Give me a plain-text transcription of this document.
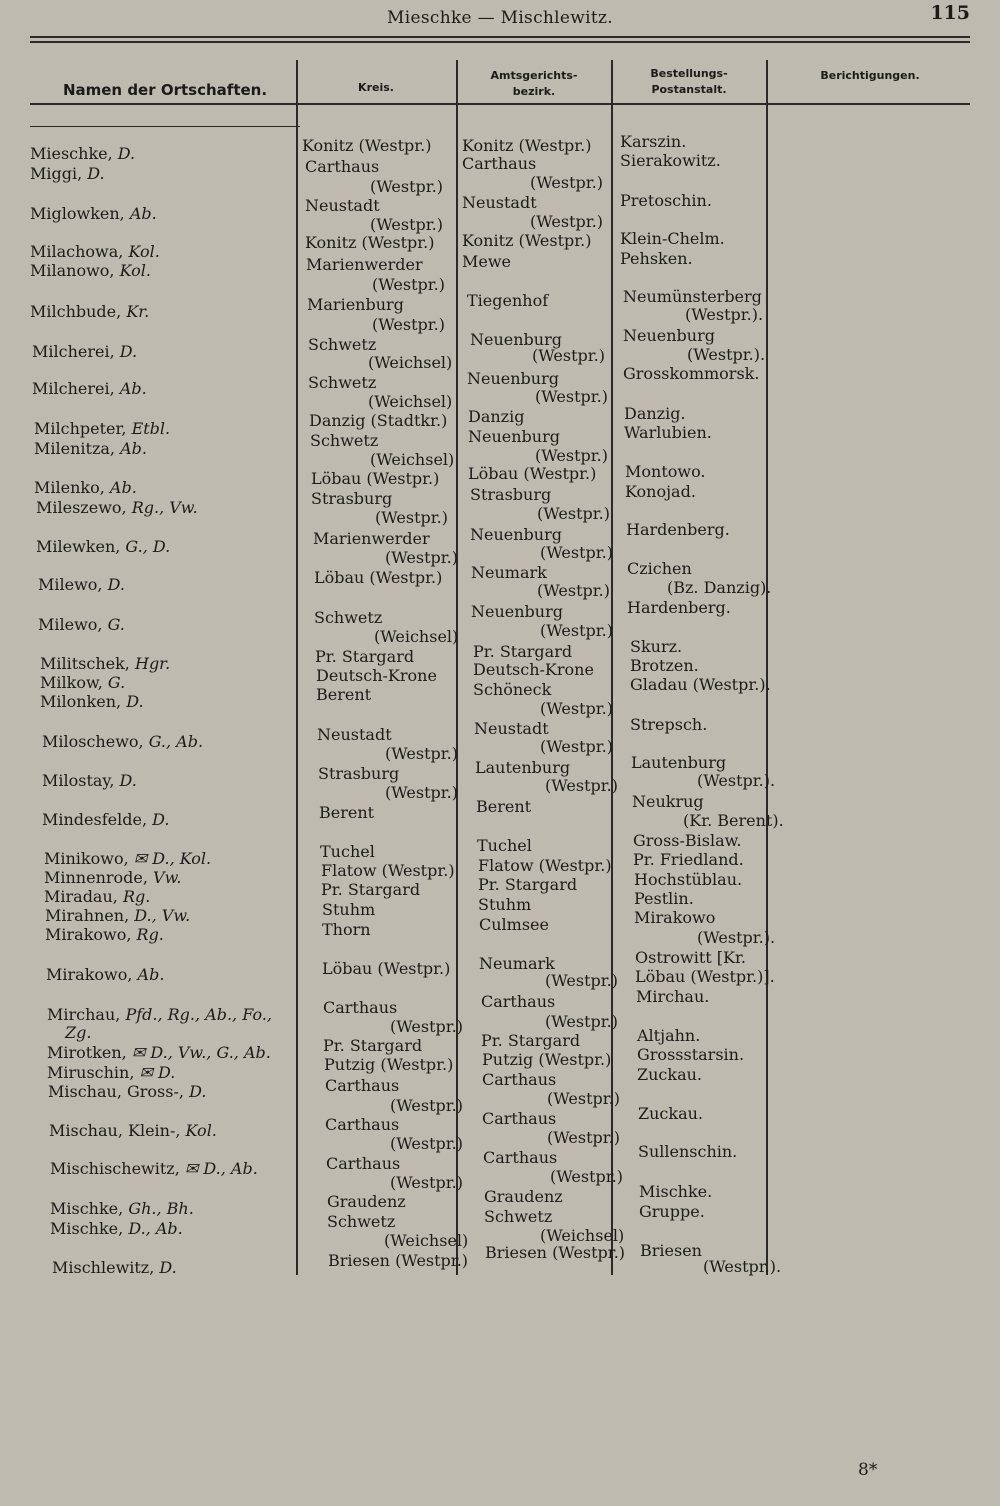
Mieschke — Mischlewitz.	115
Namen der Ortschaften.	Kreis.
Amtsgerichts-
bezirk.
Bestellungs-
Postanstalt.
Berichtigungen.
Mieschke, D.
Miggi, D.
Miglowken, Ab.
Milachowa, Kol.
Milanowo, Kol.
Milchbude, Kr.
Milcherei, D.
Milcherei, Ab.
Milchpeter, Etbl.
Milenitza, Ab.
Milenko, Ab.
Mileszewo, Rg., Vw.
Milewken, G., D.
Milewo, D.
Milewo, G.
Militschek, Hgr.
Milkow, G.
Milonken, D.
Miloschewo, G., Ab.
Milostay, D.
Mindesfelde, D.
Minikowo, ✉ D., Kol.
Minnenrode, Vw.
Miradau, Rg.
Mirahnen, D., Vw.
Mirakowo, Rg.
Mirakowo, Ab.
Mirchau, Pfd., Rg., Ab., Fo.,
Zg.
Mirotken, ✉ D., Vw., G., Ab.
Miruschin, ✉ D.
Mischau, Gross-, D.
Mischau, Klein-, Kol.
Mischischewitz, ✉ D., Ab.
Mischke, Gh., Bh.
Mischke, D., Ab.
Mischlewitz, D.
Konitz (Westpr.)
Carthaus
(Westpr.)
Neustadt
(Westpr.)
Konitz (Westpr.)
Marienwerder
(Westpr.)
Marienburg
(Westpr.)
Schwetz
(Weichsel)
Schwetz
(Weichsel)
Danzig (Stadtkr.)
Schwetz
(Weichsel)
Löbau (Westpr.)
Strasburg
(Westpr.)
Marienwerder
(Westpr.)
Löbau (Westpr.)
Schwetz
(Weichsel)
Pr. Stargard
Deutsch-Krone
Berent
Neustadt
(Westpr.)
Strasburg
(Westpr.)
Berent
Tuchel
Flatow (Westpr.)
Pr. Stargard
Stuhm
Thorn
Löbau (Westpr.)
Carthaus
(Westpr.)
Pr. Stargard
Putzig (Westpr.)
Carthaus
(Westpr.)
Carthaus
(Westpr.)
Carthaus
(Westpr.)
Graudenz
Schwetz
(Weichsel)
Briesen (Westpr.)
Konitz (Westpr.)
Carthaus
(Westpr.)
Neustadt
(Westpr.)
Konitz (Westpr.)
Mewe
Tiegenhof
Neuenburg
(Westpr.)
Neuenburg
(Westpr.)
Danzig
Neuenburg
(Westpr.)
Löbau (Westpr.)
Strasburg
(Westpr.)
Neuenburg
(Westpr.)
Neumark
(Westpr.)
Neuenburg
(Westpr.)
Pr. Stargard
Deutsch-Krone
Schöneck
(Westpr.)
Neustadt
(Westpr.)
Lautenburg
(Westpr.)
Berent
Tuchel
Flatow (Westpr.)
Pr. Stargard
Stuhm
Culmsee
Neumark
(Westpr.)
Carthaus
(Westpr.)
Pr. Stargard
Putzig (Westpr.)
Carthaus
(Westpr.)
Carthaus
(Westpr.)
Carthaus
(Westpr.)
Graudenz
Schwetz
(Weichsel)
Briesen (Westpr.)
Karszin.
Sierakowitz.
Pretoschin.
Klein-Chelm.
Pehsken.
Neumünsterberg
(Westpr.).
Neuenburg
(Westpr.).
Grosskommorsk.
Danzig.
Warlubien.
Montowo.
Konojad.
Hardenberg.
Czichen
(Bz. Danzig).
Hardenberg.
Skurz.
Brotzen.
Gladau (Westpr.).
Strepsch.
Lautenburg
(Westpr.).
Neukrug
(Kr. Berent).
Gross-Bislaw.
Pr. Friedland.
Hochstüblau.
Pestlin.
Mirakowo
(Westpr.).
Ostrowitt [Kr.
Löbau (Westpr.)].
Mirchau.
Altjahn.
Grossstarsin.
Zuckau.
Zuckau.
Sullenschin.
Mischke.
Gruppe.
Briesen
(Westpr.).
8*
